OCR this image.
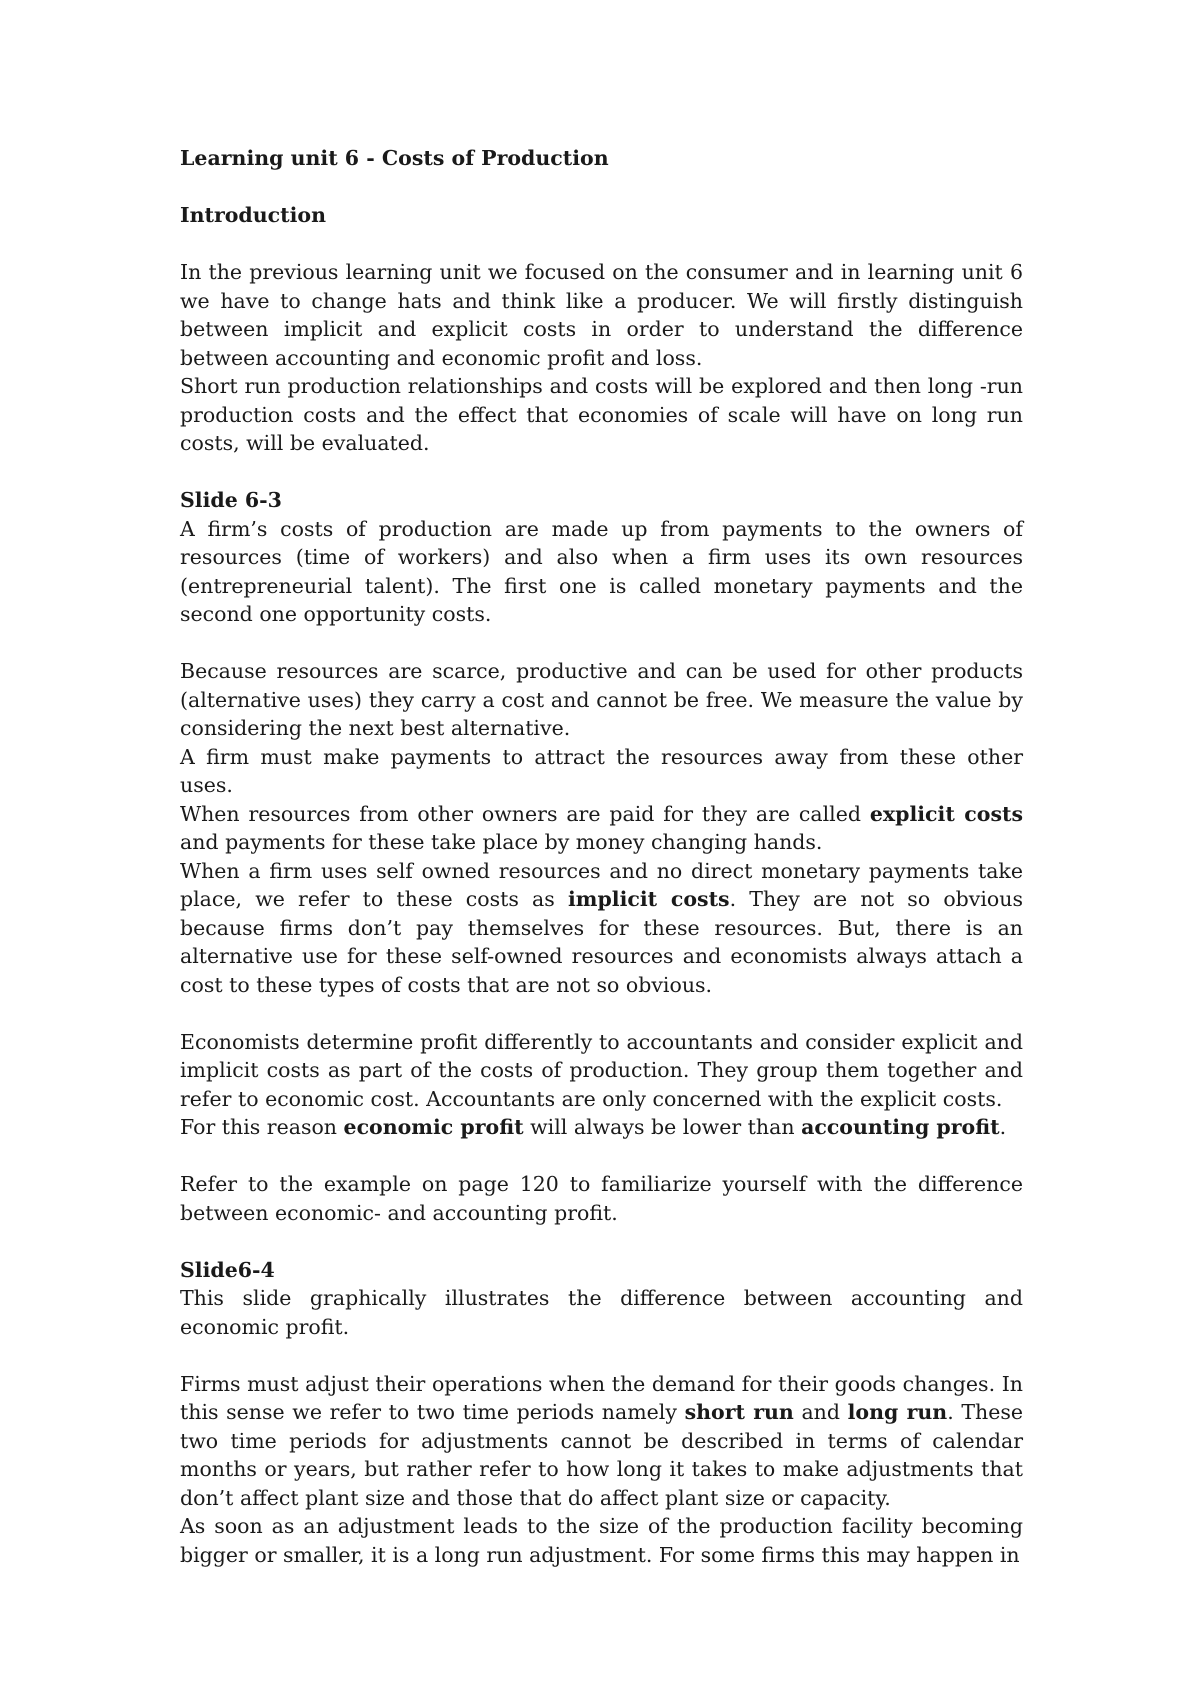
Learning unit 6 - Costs of Production

Introduction

In the previous learning unit we focused on the consumer and in learning unit 6 we have to change hats and think like a producer. We will firstly distinguish between implicit and explicit costs in order to understand the difference between accounting and economic profit and loss.

Short run production relationships and costs will be explored and then long -run production costs and the effect that economies of scale will have on long run costs, will be evaluated.

Slide 6-3

A firm’s costs of production are made up from payments to the owners of resources (time of workers) and also when a firm uses its own resources (entrepreneurial talent). The first one is called monetary payments and the second one opportunity costs.

Because resources are scarce, productive and can be used for other products (alternative uses) they carry a cost and cannot be free. We measure the value by considering the next best alternative.

A firm must make payments to attract the resources away from these other uses.

When resources from other owners are paid for they are called explicit costs and payments for these take place by money changing hands.

When a firm uses self owned resources and no direct monetary payments take place, we refer to these costs as implicit costs. They are not so obvious because firms don’t pay themselves for these resources. But, there is an alternative use for these self-owned resources and economists always attach a cost to these types of costs that are not so obvious.

Economists determine profit differently to accountants and consider explicit and implicit costs as part of the costs of production. They group them together and refer to economic cost. Accountants are only concerned with the explicit costs.

For this reason economic profit will always be lower than accounting profit.

Refer to the example on page 120 to familiarize yourself with the difference between economic- and accounting profit.

Slide6-4

This slide graphically illustrates the difference between accounting and economic profit.

Firms must adjust their operations when the demand for their goods changes. In this sense we refer to two time periods namely short run and long run. These two time periods for adjustments cannot be described in terms of calendar months or years, but rather refer to how long it takes to make adjustments that don’t affect plant size and those that do affect plant size or capacity.

As soon as an adjustment leads to the size of the production facility becoming bigger or smaller, it is a long run adjustment. For some firms this may happen in
